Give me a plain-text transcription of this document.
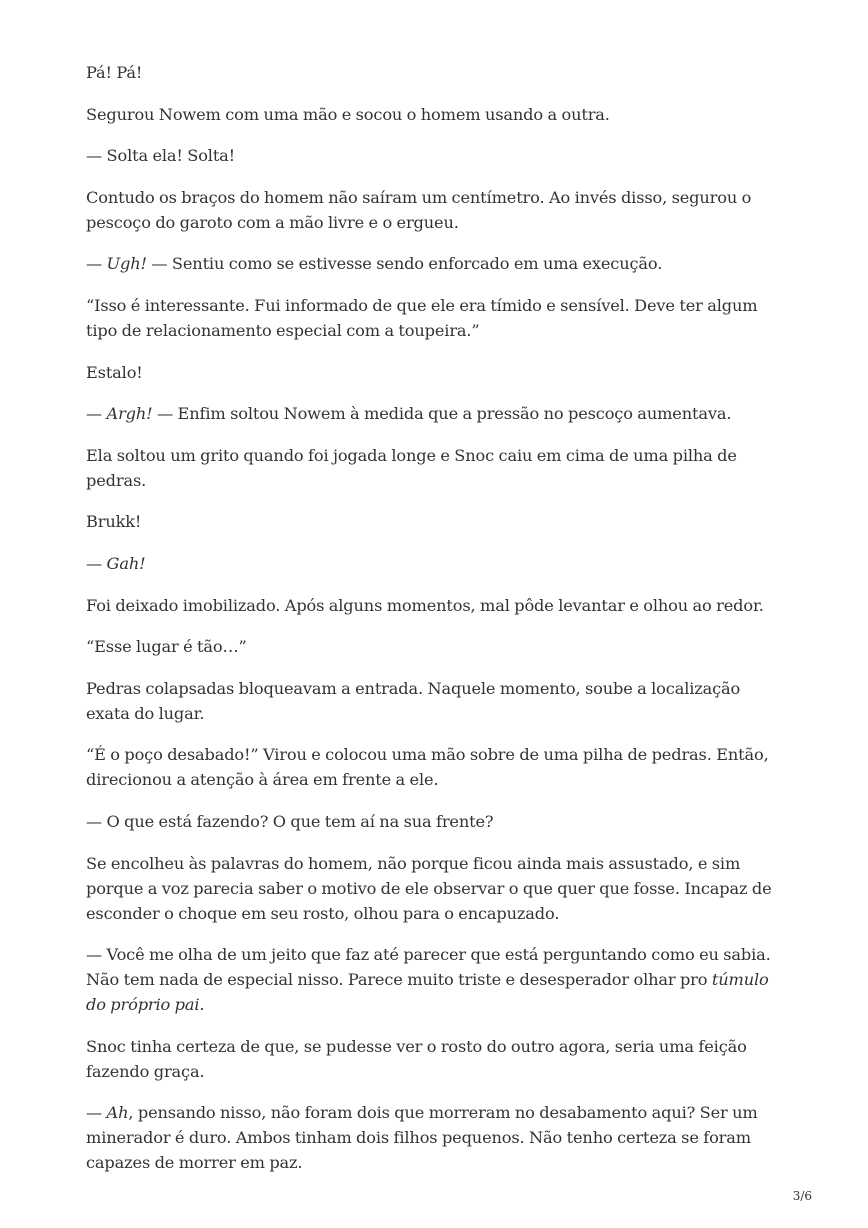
Pá! Pá!

Segurou Nowem com uma mão e socou o homem usando a outra.

— Solta ela! Solta!

Contudo os braços do homem não saíram um centímetro. Ao invés disso, segurou o pescoço do garoto com a mão livre e o ergueu.

— Ugh! — Sentiu como se estivesse sendo enforcado em uma execução.

“Isso é interessante. Fui informado de que ele era tímido e sensível. Deve ter algum tipo de relacionamento especial com a toupeira.”

Estalo!

— Argh! — Enfim soltou Nowem à medida que a pressão no pescoço aumentava.

Ela soltou um grito quando foi jogada longe e Snoc caiu em cima de uma pilha de pedras.

Brukk!

— Gah!

Foi deixado imobilizado. Após alguns momentos, mal pôde levantar e olhou ao redor.

“Esse lugar é tão…”

Pedras colapsadas bloqueavam a entrada. Naquele momento, soube a localização exata do lugar.

“É o poço desabado!” Virou e colocou uma mão sobre de uma pilha de pedras. Então, direcionou a atenção à área em frente a ele.

— O que está fazendo? O que tem aí na sua frente?

Se encolheu às palavras do homem, não porque ficou ainda mais assustado, e sim porque a voz parecia saber o motivo de ele observar o que quer que fosse. Incapaz de esconder o choque em seu rosto, olhou para o encapuzado.

— Você me olha de um jeito que faz até parecer que está perguntando como eu sabia. Não tem nada de especial nisso. Parece muito triste e desesperador olhar pro túmulo do próprio pai.

Snoc tinha certeza de que, se pudesse ver o rosto do outro agora, seria uma feição fazendo graça.

— Ah, pensando nisso, não foram dois que morreram no desabamento aqui? Ser um minerador é duro. Ambos tinham dois filhos pequenos. Não tenho certeza se foram capazes de morrer em paz.

3/6
